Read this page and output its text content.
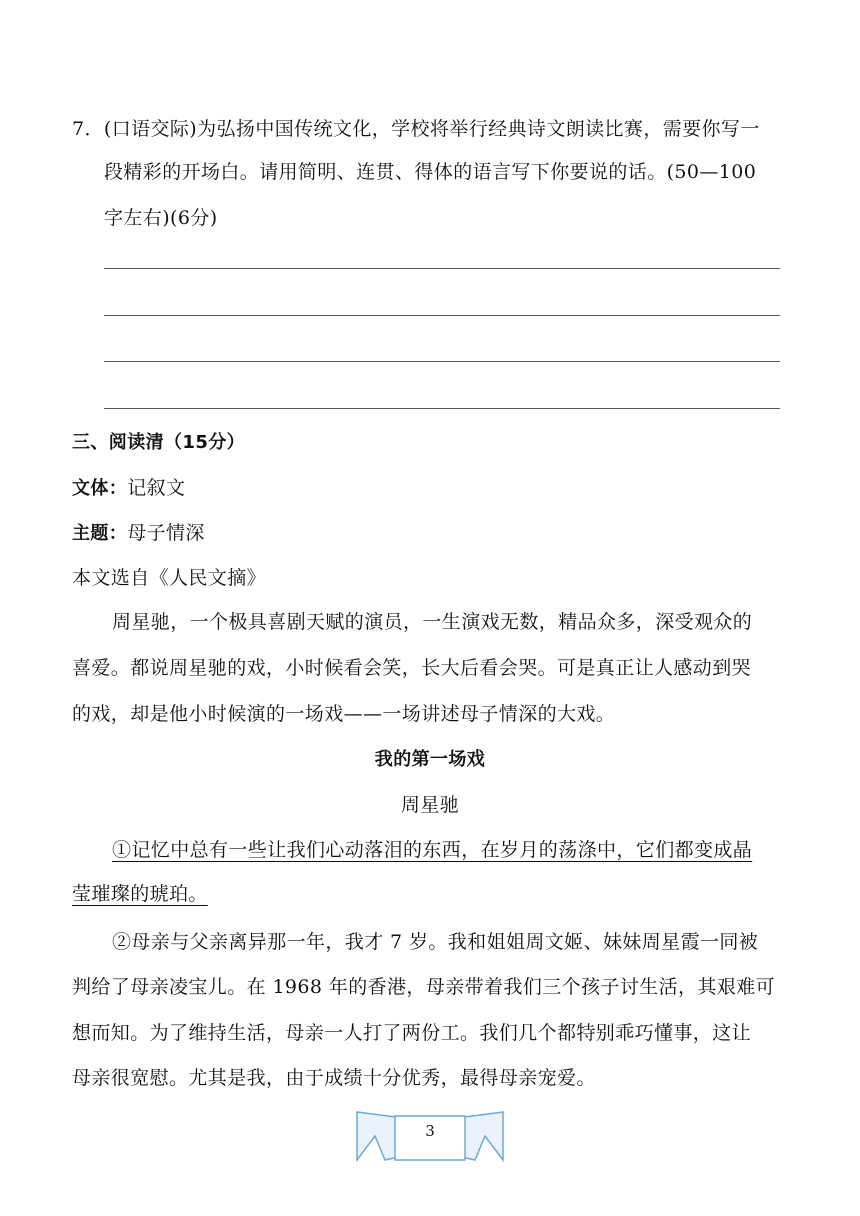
7．(口语交际)为弘扬中国传统文化，学校将举行经典诗文朗读比赛，需要你写一
段精彩的开场白。请用简明、连贯、得体的语言写下你要说的话。(50—100
字左右)(6分)
三、阅读清（15分）
文体：记叙文
主题：母子情深
本文选自《人民文摘》
周星驰，一个极具喜剧天赋的演员，一生演戏无数，精品众多，深受观众的
喜爱。都说周星驰的戏，小时候看会笑，长大后看会哭。可是真正让人感动到哭
的戏，却是他小时候演的一场戏——一场讲述母子情深的大戏。
我的第一场戏
周星驰
①记忆中总有一些让我们心动落泪的东西，在岁月的荡涤中，它们都变成晶
莹璀璨的琥珀。
②母亲与父亲离异那一年，我才 7 岁。我和姐姐周文姬、妹妹周星霞一同被
判给了母亲凌宝儿。在 1968 年的香港，母亲带着我们三个孩子讨生活，其艰难可
想而知。为了维持生活，母亲一人打了两份工。我们几个都特别乖巧懂事，这让
母亲很宽慰。尤其是我，由于成绩十分优秀，最得母亲宠爱。
3
